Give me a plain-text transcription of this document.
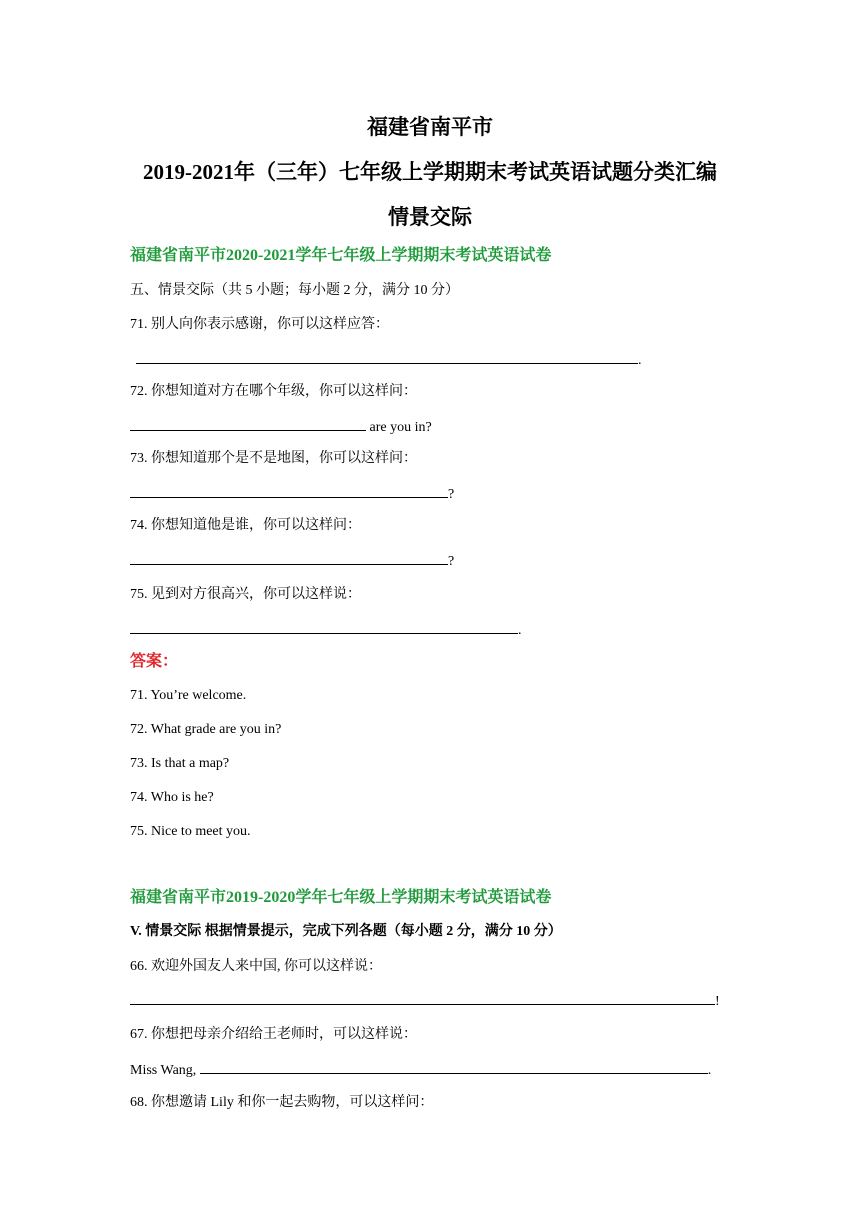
福建省南平市
2019-2021年（三年）七年级上学期期末考试英语试题分类汇编
情景交际
福建省南平市2020-2021学年七年级上学期期末考试英语试卷
五、情景交际（共 5 小题；每小题 2 分，满分 10 分）
71. 别人向你表示感谢，你可以这样应答：
.
72. 你想知道对方在哪个年级，你可以这样问：
are you in?
73. 你想知道那个是不是地图，你可以这样问：
?
74. 你想知道他是谁，你可以这样问：
?
75. 见到对方很高兴，你可以这样说：
.
答案：
71. You’re welcome.
72. What grade are you in?
73. Is that a map?
74. Who is he?
75. Nice to meet you.
福建省南平市2019-2020学年七年级上学期期末考试英语试卷
V. 情景交际 根据情景提示，完成下列各题（每小题 2 分，满分 10 分）
66. 欢迎外国友人来中国, 你可以这样说：
!
67. 你想把母亲介绍给王老师时，可以这样说：
Miss Wang,	.
68. 你想邀请 Lily 和你一起去购物，可以这样问：
